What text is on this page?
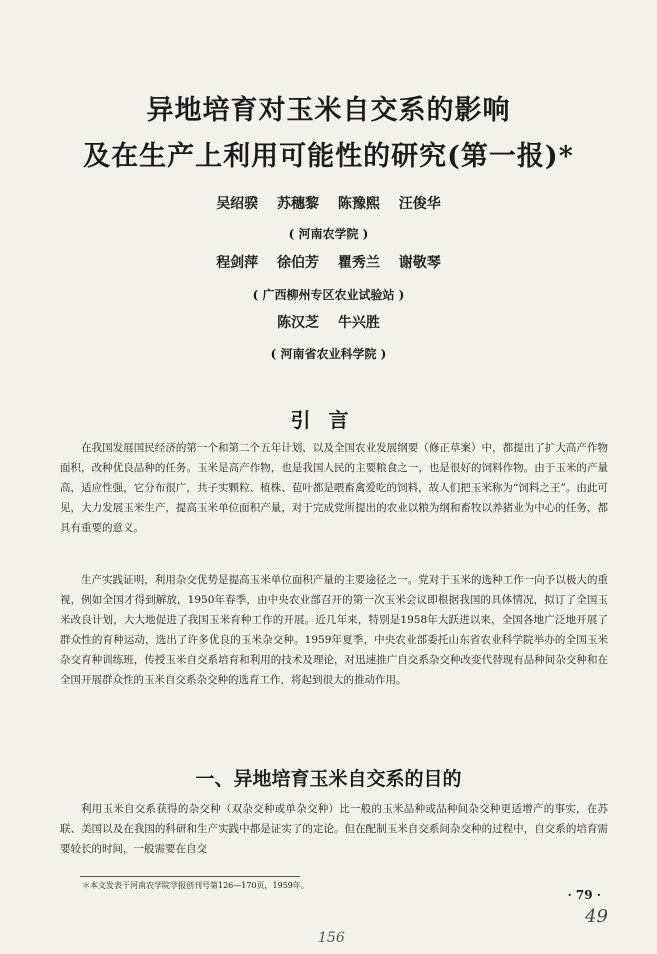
异地培育对玉米自交系的影响
及在生产上利用可能性的研究(第一报)*
吴绍骙 苏穗黎 陈豫熙 汪俊华
( 河南农学院 )
程剑萍 徐伯芳 瞿秀兰 谢敬琴
( 广西柳州专区农业试验站 )
陈汉芝 牛兴胜
( 河南省农业科学院 )
引言

在我国发展国民经济的第一个和第二个五年计划，以及全国农业发展纲要（修正草案）中，都提出了扩大高产作物面积，改种优良品种的任务。玉米是高产作物，也是我国人民的主要粮食之一，也是很好的饲料作物。由于玉米的产量高，适应性强，它分布很广，共子实颗粒、植株、苞叶都是喂畜禽爱吃的饲料，故人们把玉米称为“饲料之王”。由此可见，大力发展玉米生产，提高玉米单位面积产量，对于完成党所提出的农业以粮为纲和畜牧以养猪业为中心的任务，都具有重要的意义。

生产实践证明，利用杂交优势是提高玉米单位面积产量的主要途径之一。党对于玉米的选种工作一向予以极大的重视，例如全国才得到解放，1950年春季，由中央农业部召开的第一次玉米会议即根据我国的具体情况，拟订了全国玉米改良计划，大大地促进了我国玉米育种工作的开展。近几年来，特别是1958年大跃进以来，全国各地广泛地开展了群众性的育种运动，选出了许多优良的玉米杂交种。1959年夏季，中央农业部委托山东省农业科学院举办的全国玉米杂交育种训练班，传授玉米自交系培育和利用的技术及理论，对迅速推广自交系杂交种改变代替现有品种间杂交种和在全国开展群众性的玉米自交系杂交种的选育工作，将起到很大的推动作用。

一、异地培育玉米自交系的目的

利用玉米自交系获得的杂交种（双杂交种或单杂交种）比一般的玉米品种或品种间杂交种更适增产的事实，在苏联、美国以及在我国的科研和生产实践中都是证实了的定论。但在配制玉米自交系间杂交种的过程中，自交系的培育需要较长的时间，一般需要在自交

＊本文发表于河南农学院学报创刊号第126—170页，1959年。
· 79 ·
49
156
